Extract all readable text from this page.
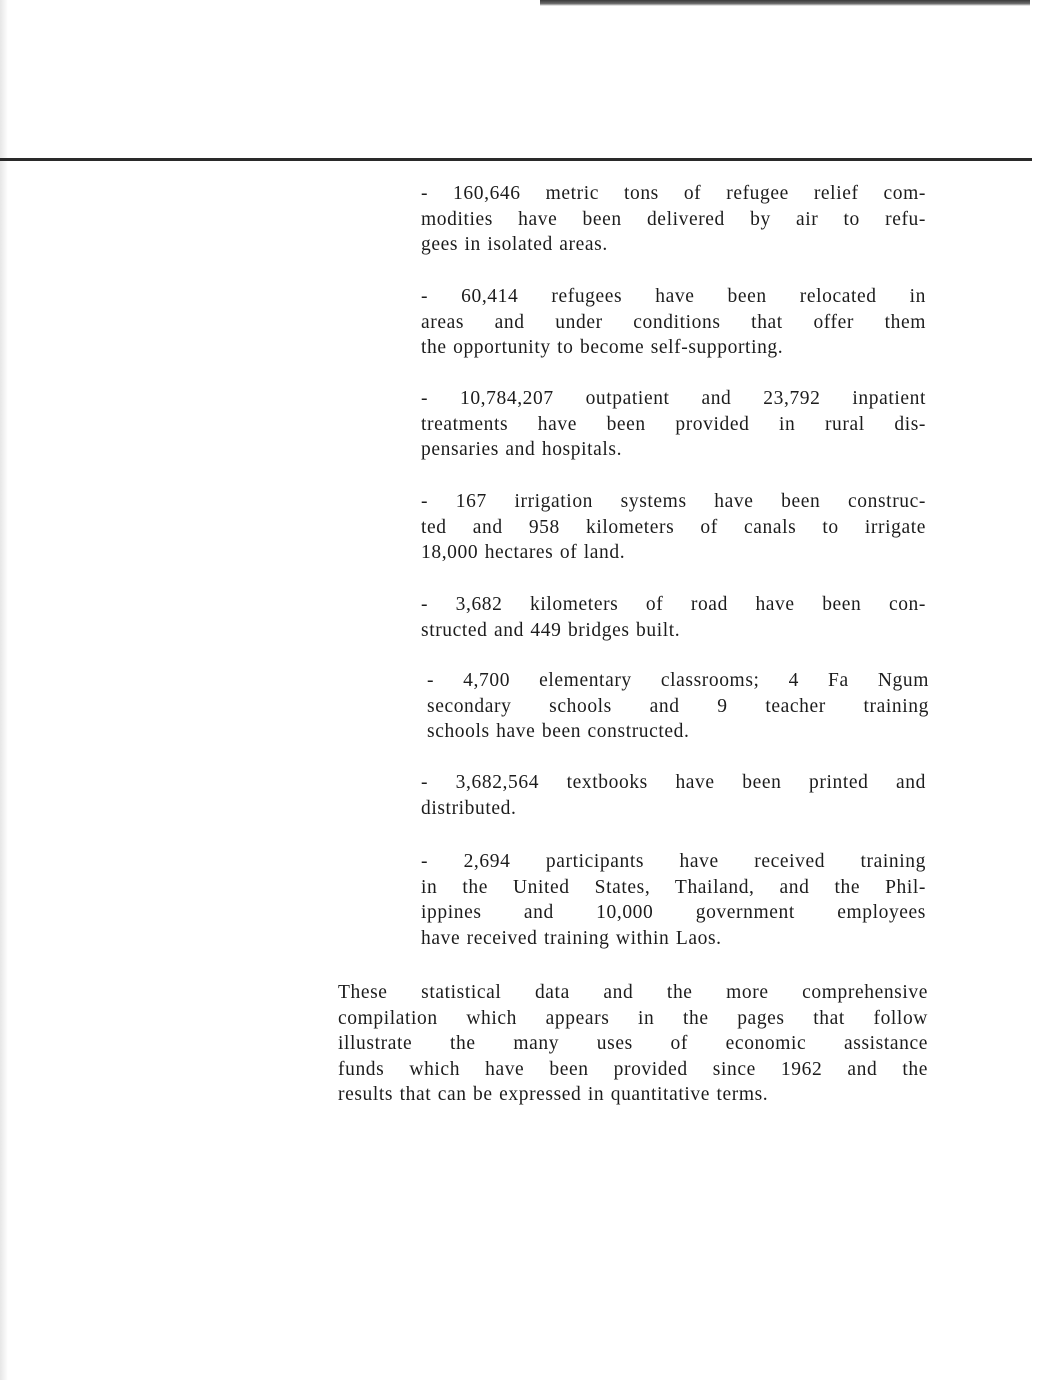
- 160,646 metric tons of refugee relief com-
modities have been delivered by air to refu-
gees in isolated areas.

- 60,414 refugees have been relocated in
areas and under conditions that offer them
the opportunity to become self-supporting.

- 10,784,207 outpatient and 23,792 inpatient
treatments have been provided in rural dis-
pensaries and hospitals.

- 167 irrigation systems have been construc-
ted and 958 kilometers of canals to irrigate
18,000 hectares of land.

- 3,682 kilometers of road have been con-
structed and 449 bridges built.

- 4,700 elementary classrooms; 4 Fa Ngum
secondary schools and 9 teacher training
schools have been constructed.

- 3,682,564 textbooks have been printed and
distributed.

- 2,694 participants have received training
in the United States, Thailand, and the Phil-
ippines and 10,000 government employees
have received training within Laos.

These statistical data and the more comprehensive
compilation which appears in the pages that follow
illustrate the many uses of economic assistance
funds which have been provided since 1962 and the
results that can be expressed in quantitative terms.
